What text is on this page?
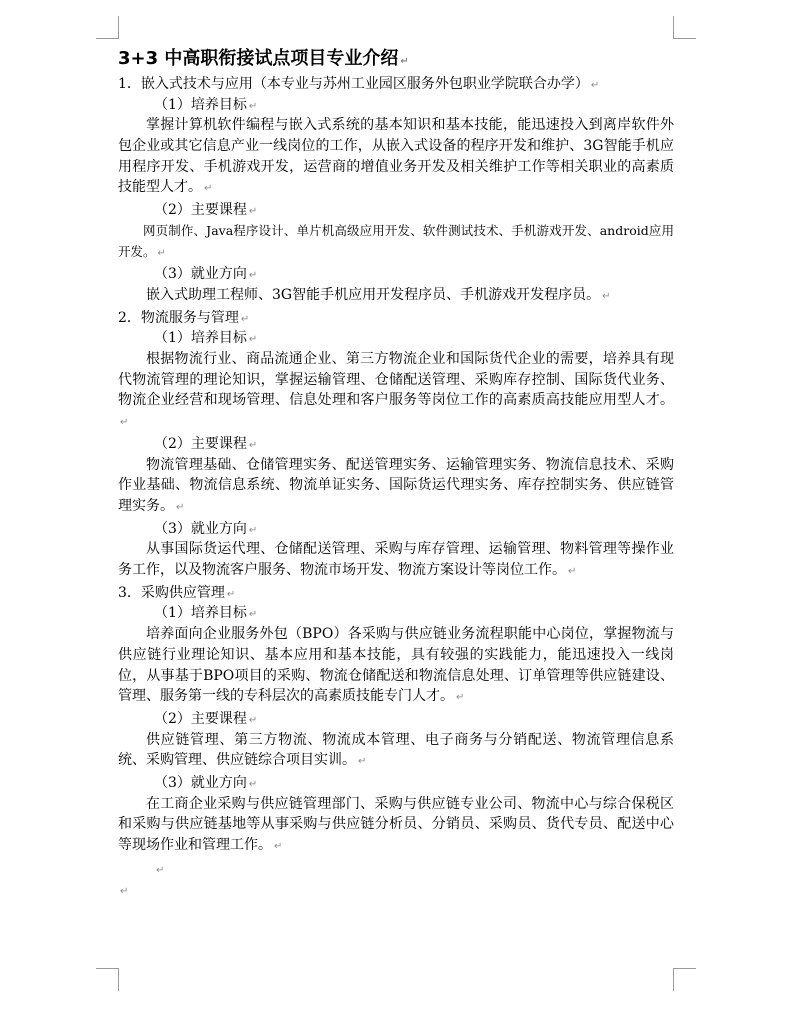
3+3 中高职衔接试点项目专业介绍 ↵
1．嵌入式技术与应用（本专业与苏州工业园区服务外包职业学院联合办学） ↵
（1）培养目标 ↵

掌握计算机软件编程与嵌入式系统的基本知识和基本技能，能迅速投入到离岸软件外包企业或其它信息产业一线岗位的工作，从嵌入式设备的程序开发和维护、3G智能手机应用程序开发、手机游戏开发，运营商的增值业务开发及相关维护工作等相关职业的高素质技能型人才。 ↵

（2）主要课程 ↵

网页制作、Java程序设计、单片机高级应用开发、软件测试技术、手机游戏开发、android应用开发。 ↵

（3）就业方向 ↵

嵌入式助理工程师、3G智能手机应用开发程序员、手机游戏开发程序员。 ↵

2．物流服务与管理 ↵
（1）培养目标 ↵

根据物流行业、商品流通企业、第三方物流企业和国际货代企业的需要，培养具有现代物流管理的理论知识，掌握运输管理、仓储配送管理、采购库存控制、国际货代业务、物流企业经营和现场管理、信息处理和客户服务等岗位工作的高素质高技能应用型人才。↵

（2）主要课程 ↵

物流管理基础、仓储管理实务、配送管理实务、运输管理实务、物流信息技术、采购作业基础、物流信息系统、物流单证实务、国际货运代理实务、库存控制实务、供应链管理实务。 ↵

（3）就业方向 ↵

从事国际货运代理、仓储配送管理、采购与库存管理、运输管理、物料管理等操作业务工作，以及物流客户服务、物流市场开发、物流方案设计等岗位工作。 ↵

3．采购供应管理 ↵
（1）培养目标 ↵

培养面向企业服务外包（BPO）各采购与供应链业务流程职能中心岗位，掌握物流与供应链行业理论知识、基本应用和基本技能，具有较强的实践能力，能迅速投入一线岗位，从事基于BPO项目的采购、物流仓储配送和物流信息处理、订单管理等供应链建设、管理、服务第一线的专科层次的高素质技能专门人才。 ↵

（2）主要课程 ↵

供应链管理、第三方物流、物流成本管理、电子商务与分销配送、物流管理信息系统、采购管理、供应链综合项目实训。 ↵

（3）就业方向 ↵

在工商企业采购与供应链管理部门、采购与供应链专业公司、物流中心与综合保税区和采购与供应链基地等从事采购与供应链分析员、分销员、采购员、货代专员、配送中心等现场作业和管理工作。 ↵

↵
↵
